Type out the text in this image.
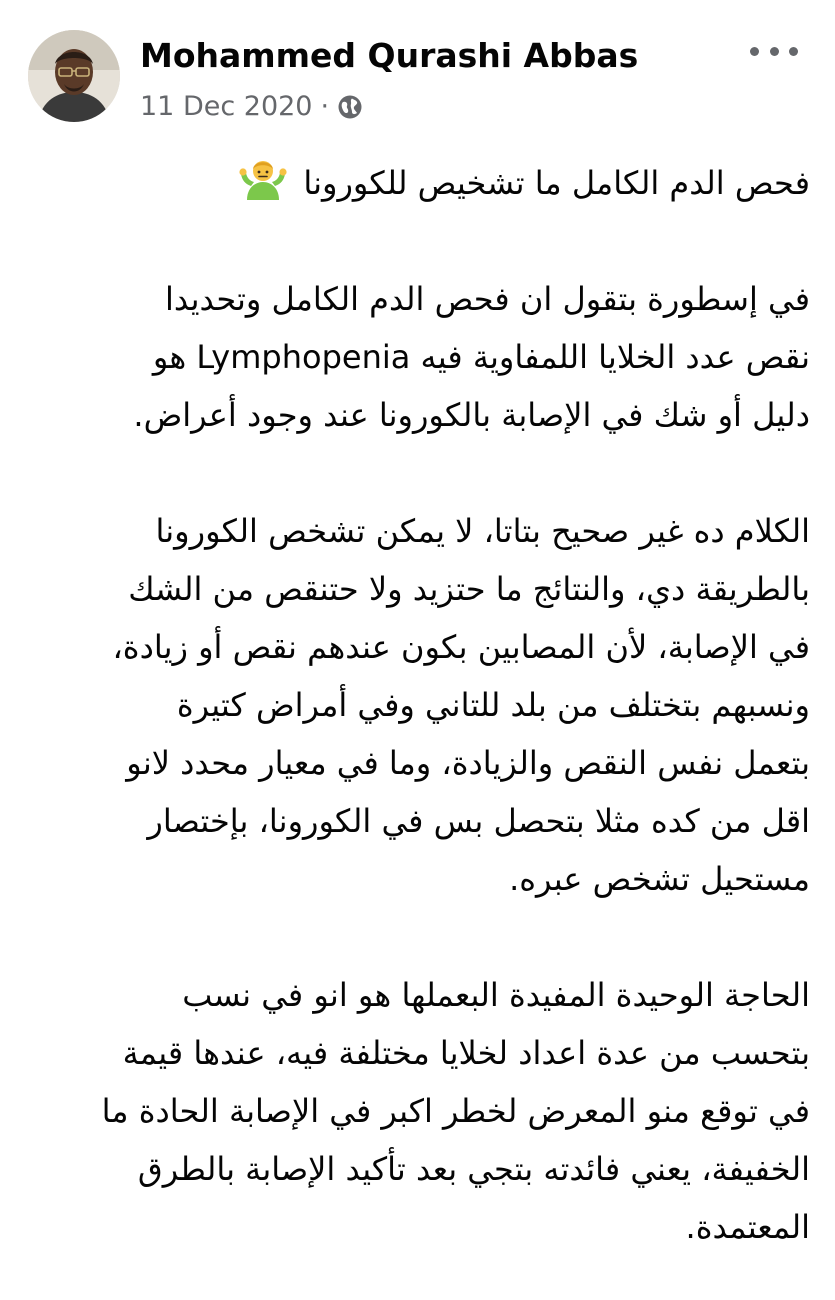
Mohammed Qurashi Abbas
11 Dec 2020 ·

فحص الدم الكامل ما تشخيص للكورونا

في إسطورة بتقول ان فحص الدم الكامل وتحديدا
نقص عدد الخلايا اللمفاوية فيه Lymphopenia هو
دليل أو شك في الإصابة بالكورونا عند وجود أعراض.

الكلام ده غير صحيح بتاتا، لا يمكن تشخص الكورونا
بالطريقة دي، والنتائج ما حتزيد ولا حتنقص من الشك
في الإصابة، لأن المصابين بكون عندهم نقص أو زيادة،
ونسبهم بتختلف من بلد للتاني وفي أمراض كتيرة
بتعمل نفس النقص والزيادة، وما في معيار محدد لانو
اقل من كده مثلا بتحصل بس في الكورونا، بإختصار
مستحيل تشخص عبره.

الحاجة الوحيدة المفيدة البعملها هو انو في نسب
بتحسب من عدة اعداد لخلايا مختلفة فيه، عندها قيمة
في توقع منو المعرض لخطر اكبر في الإصابة الحادة ما
الخفيفة، يعني فائدته بتجي بعد تأكيد الإصابة بالطرق
المعتمدة.
